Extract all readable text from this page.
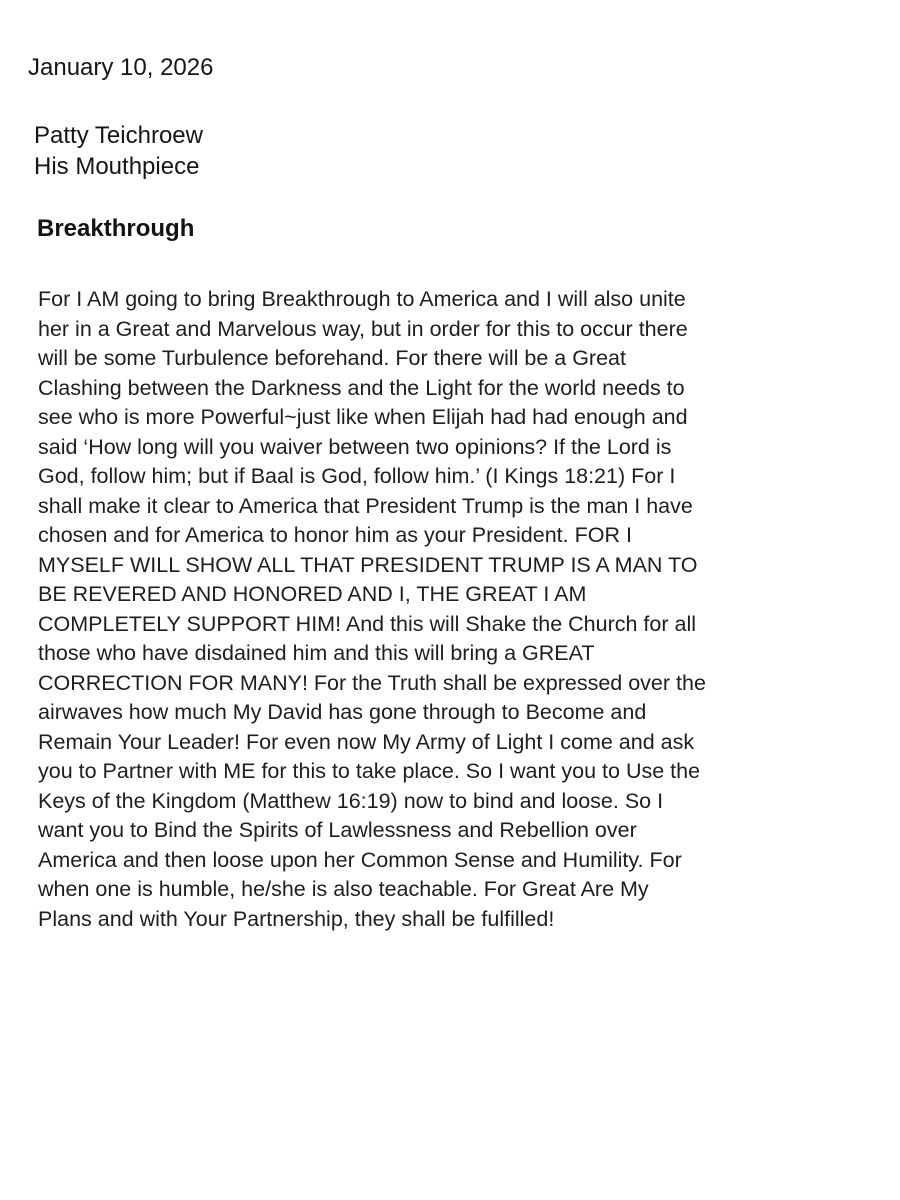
January 10, 2026
Patty Teichroew
His Mouthpiece
Breakthrough
For I AM going to bring Breakthrough to America and I will also unite
her in a Great and Marvelous way, but in order for this to occur there
will be some Turbulence beforehand. For there will be a Great
Clashing between the Darkness and the Light for the world needs to
see who is more Powerful~just like when Elijah had had enough and
said ‘How long will you waiver between two opinions? If the Lord is
God, follow him; but if Baal is God, follow him.’ (I Kings 18:21) For I
shall make it clear to America that President Trump is the man I have
chosen and for America to honor him as your President. FOR I
MYSELF WILL SHOW ALL THAT PRESIDENT TRUMP IS A MAN TO
BE REVERED AND HONORED AND I, THE GREAT I AM
COMPLETELY SUPPORT HIM! And this will Shake the Church for all
those who have disdained him and this will bring a GREAT
CORRECTION FOR MANY! For the Truth shall be expressed over the
airwaves how much My David has gone through to Become and
Remain Your Leader! For even now My Army of Light I come and ask
you to Partner with ME for this to take place. So I want you to Use the
Keys of the Kingdom (Matthew 16:19) now to bind and loose. So I
want you to Bind the Spirits of Lawlessness and Rebellion over
America and then loose upon her Common Sense and Humility. For
when one is humble, he/she is also teachable. For Great Are My
Plans and with Your Partnership, they shall be fulfilled!
